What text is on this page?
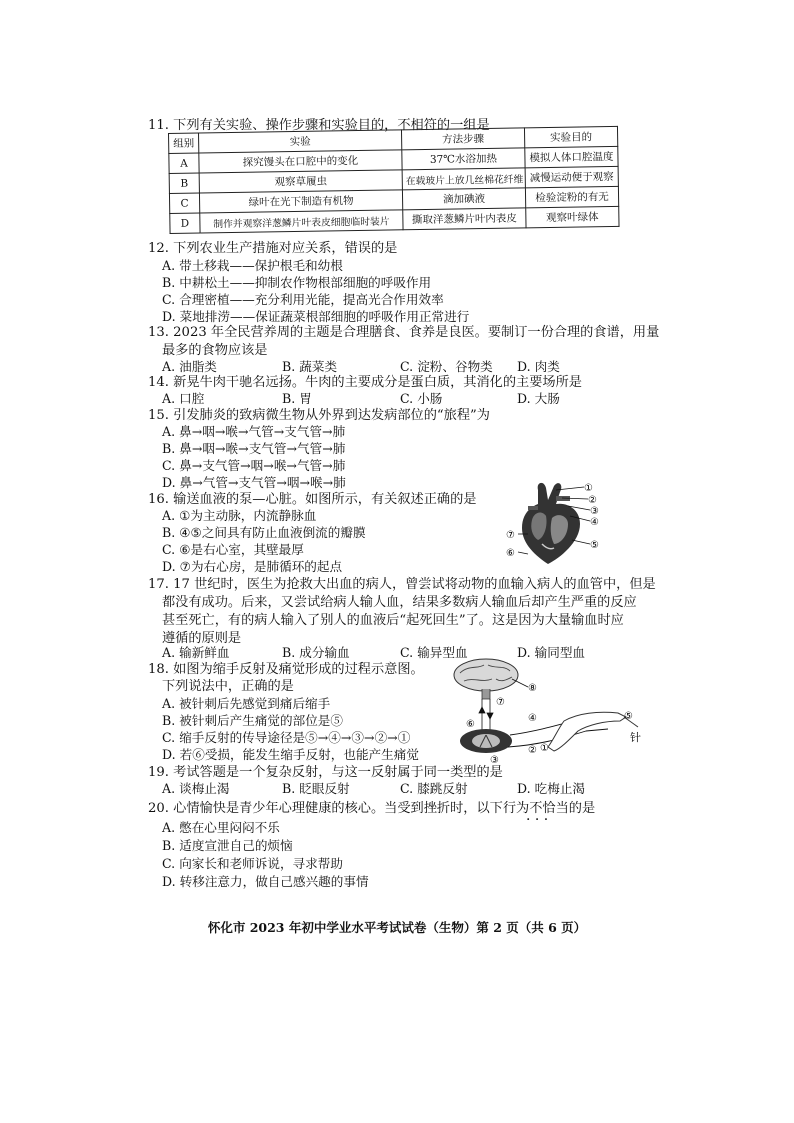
11. 下列有关实验、操作步骤和实验目的，不相符的一组是
组别	实验	方法步骤	实验目的
A	探究馒头在口腔中的变化	37℃水浴加热	模拟人体口腔温度
B	观察草履虫	在载玻片上放几丝棉花纤维	减慢运动便于观察
C	绿叶在光下制造有机物	滴加碘液	检验淀粉的有无
D	制作并观察洋葱鳞片叶表皮细胞临时装片	撕取洋葱鳞片叶内表皮	观察叶绿体
12. 下列农业生产措施对应关系，错误的是
A. 带土移栽——保护根毛和幼根
B. 中耕松土——抑制农作物根部细胞的呼吸作用
C. 合理密植——充分利用光能，提高光合作用效率
D. 菜地排涝——保证蔬菜根部细胞的呼吸作用正常进行
13. 2023 年全民营养周的主题是合理膳食、食养是良医。要制订一份合理的食谱，用量
最多的食物应该是
A. 油脂类	B. 蔬菜类	C. 淀粉、谷物类 D. 肉类
14. 新晃牛肉干驰名远扬。牛肉的主要成分是蛋白质，其消化的主要场所是
A. 口腔	B. 胃	C. 小肠	D. 大肠
15. 引发肺炎的致病微生物从外界到达发病部位的“旅程”为
A. 鼻→咽→喉→气管→支气管→肺
B. 鼻→咽→喉→支气管→气管→肺
C. 鼻→支气管→咽→喉→气管→肺
D. 鼻→气管→支气管→咽→喉→肺
16. 输送血液的泵—心脏。如图所示，有关叙述正确的是
A. ①为主动脉，内流静脉血
B. ④⑤之间具有防止血液倒流的瓣膜
C. ⑥是右心室，其壁最厚
D. ⑦为右心房，是肺循环的起点
①
②
③
④
⑤
⑥
⑦
17. 17 世纪时，医生为抢救大出血的病人，曾尝试将动物的血输入病人的血管中，但是
都没有成功。后来，又尝试给病人输人血，结果多数病人输血后却产生严重的反应
甚至死亡，有的病人输入了别人的血液后“起死回生”了。这是因为大量输血时应
遵循的原则是
A. 输新鲜血	B. 成分输血	C. 输异型血	D. 输同型血
18. 如图为缩手反射及痛觉形成的过程示意图。
下列说法中，正确的是
A. 被针刺后先感觉到痛后缩手
B. 被针刺后产生痛觉的部位是⑤
C. 缩手反射的传导途径是⑤→④→③→②→①
D. 若⑥受损，能发生缩手反射，也能产生痛觉
⑧
⑥
⑦
③
④
②
⑤
针
①
19. 考试答题是一个复杂反射，与这一反射属于同一类型的是
A. 谈梅止渴	B. 眨眼反射	C. 膝跳反射	D. 吃梅止渴
20. 心情愉快是青少年心理健康的核心。当受到挫折时，以下行为不恰当的是
· · ·
A. 憋在心里闷闷不乐
B. 适度宣泄自己的烦恼
C. 向家长和老师诉说，寻求帮助
D. 转移注意力，做自己感兴趣的事情
怀化市 2023 年初中学业水平考试试卷（生物）第 2 页（共 6 页）
